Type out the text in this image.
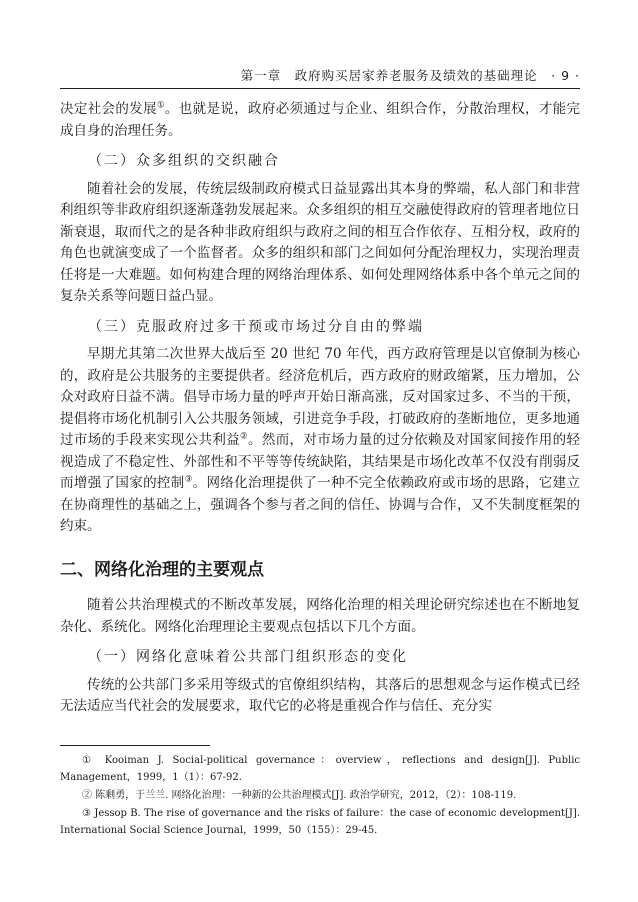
第一章　政府购买居家养老服务及绩效的基础理论　· 9 ·

决定社会的发展①。也就是说，政府必须通过与企业、组织合作，分散治理权，才能完成自身的治理任务。

（二）众多组织的交织融合

随着社会的发展，传统层级制政府模式日益显露出其本身的弊端，私人部门和非营利组织等非政府组织逐渐蓬勃发展起来。众多组织的相互交融使得政府的管理者地位日渐衰退，取而代之的是各种非政府组织与政府之间的相互合作依存、互相分权，政府的角色也就演变成了一个监督者。众多的组织和部门之间如何分配治理权力，实现治理责任将是一大难题。如何构建合理的网络治理体系、如何处理网络体系中各个单元之间的复杂关系等问题日益凸显。

（三）克服政府过多干预或市场过分自由的弊端

早期尤其第二次世界大战后至 20 世纪 70 年代，西方政府管理是以官僚制为核心的，政府是公共服务的主要提供者。经济危机后，西方政府的财政缩紧，压力增加，公众对政府日益不满。倡导市场力量的呼声开始日渐高涨，反对国家过多、不当的干预，提倡将市场化机制引入公共服务领域，引进竞争手段，打破政府的垄断地位，更多地通过市场的手段来实现公共利益②。然而，对市场力量的过分依赖及对国家间接作用的轻视造成了不稳定性、外部性和不平等等传统缺陷，其结果是市场化改革不仅没有削弱反而增强了国家的控制③。网络化治理提供了一种不完全依赖政府或市场的思路，它建立在协商理性的基础之上，强调各个参与者之间的信任、协调与合作，又不失制度框架的约束。

二、网络化治理的主要观点

随着公共治理模式的不断改革发展，网络化治理的相关理论研究综述也在不断地复杂化、系统化。网络化治理理论主要观点包括以下几个方面。

（一）网络化意味着公共部门组织形态的变化

传统的公共部门多采用等级式的官僚组织结构，其落后的思想观念与运作模式已经无法适应当代社会的发展要求，取代它的必将是重视合作与信任、充分实

① Kooiman J. Social-political governance：overview，reflections and design[J]. Public Management，1999，1（1）：67-92.

② 陈剩勇，于兰兰. 网络化治理：一种新的公共治理模式[J]. 政治学研究，2012，（2）：108-119.

③ Jessop B. The rise of governance and the risks of failure：the case of economic development[J]. International Social Science Journal，1999，50（155）：29-45.
